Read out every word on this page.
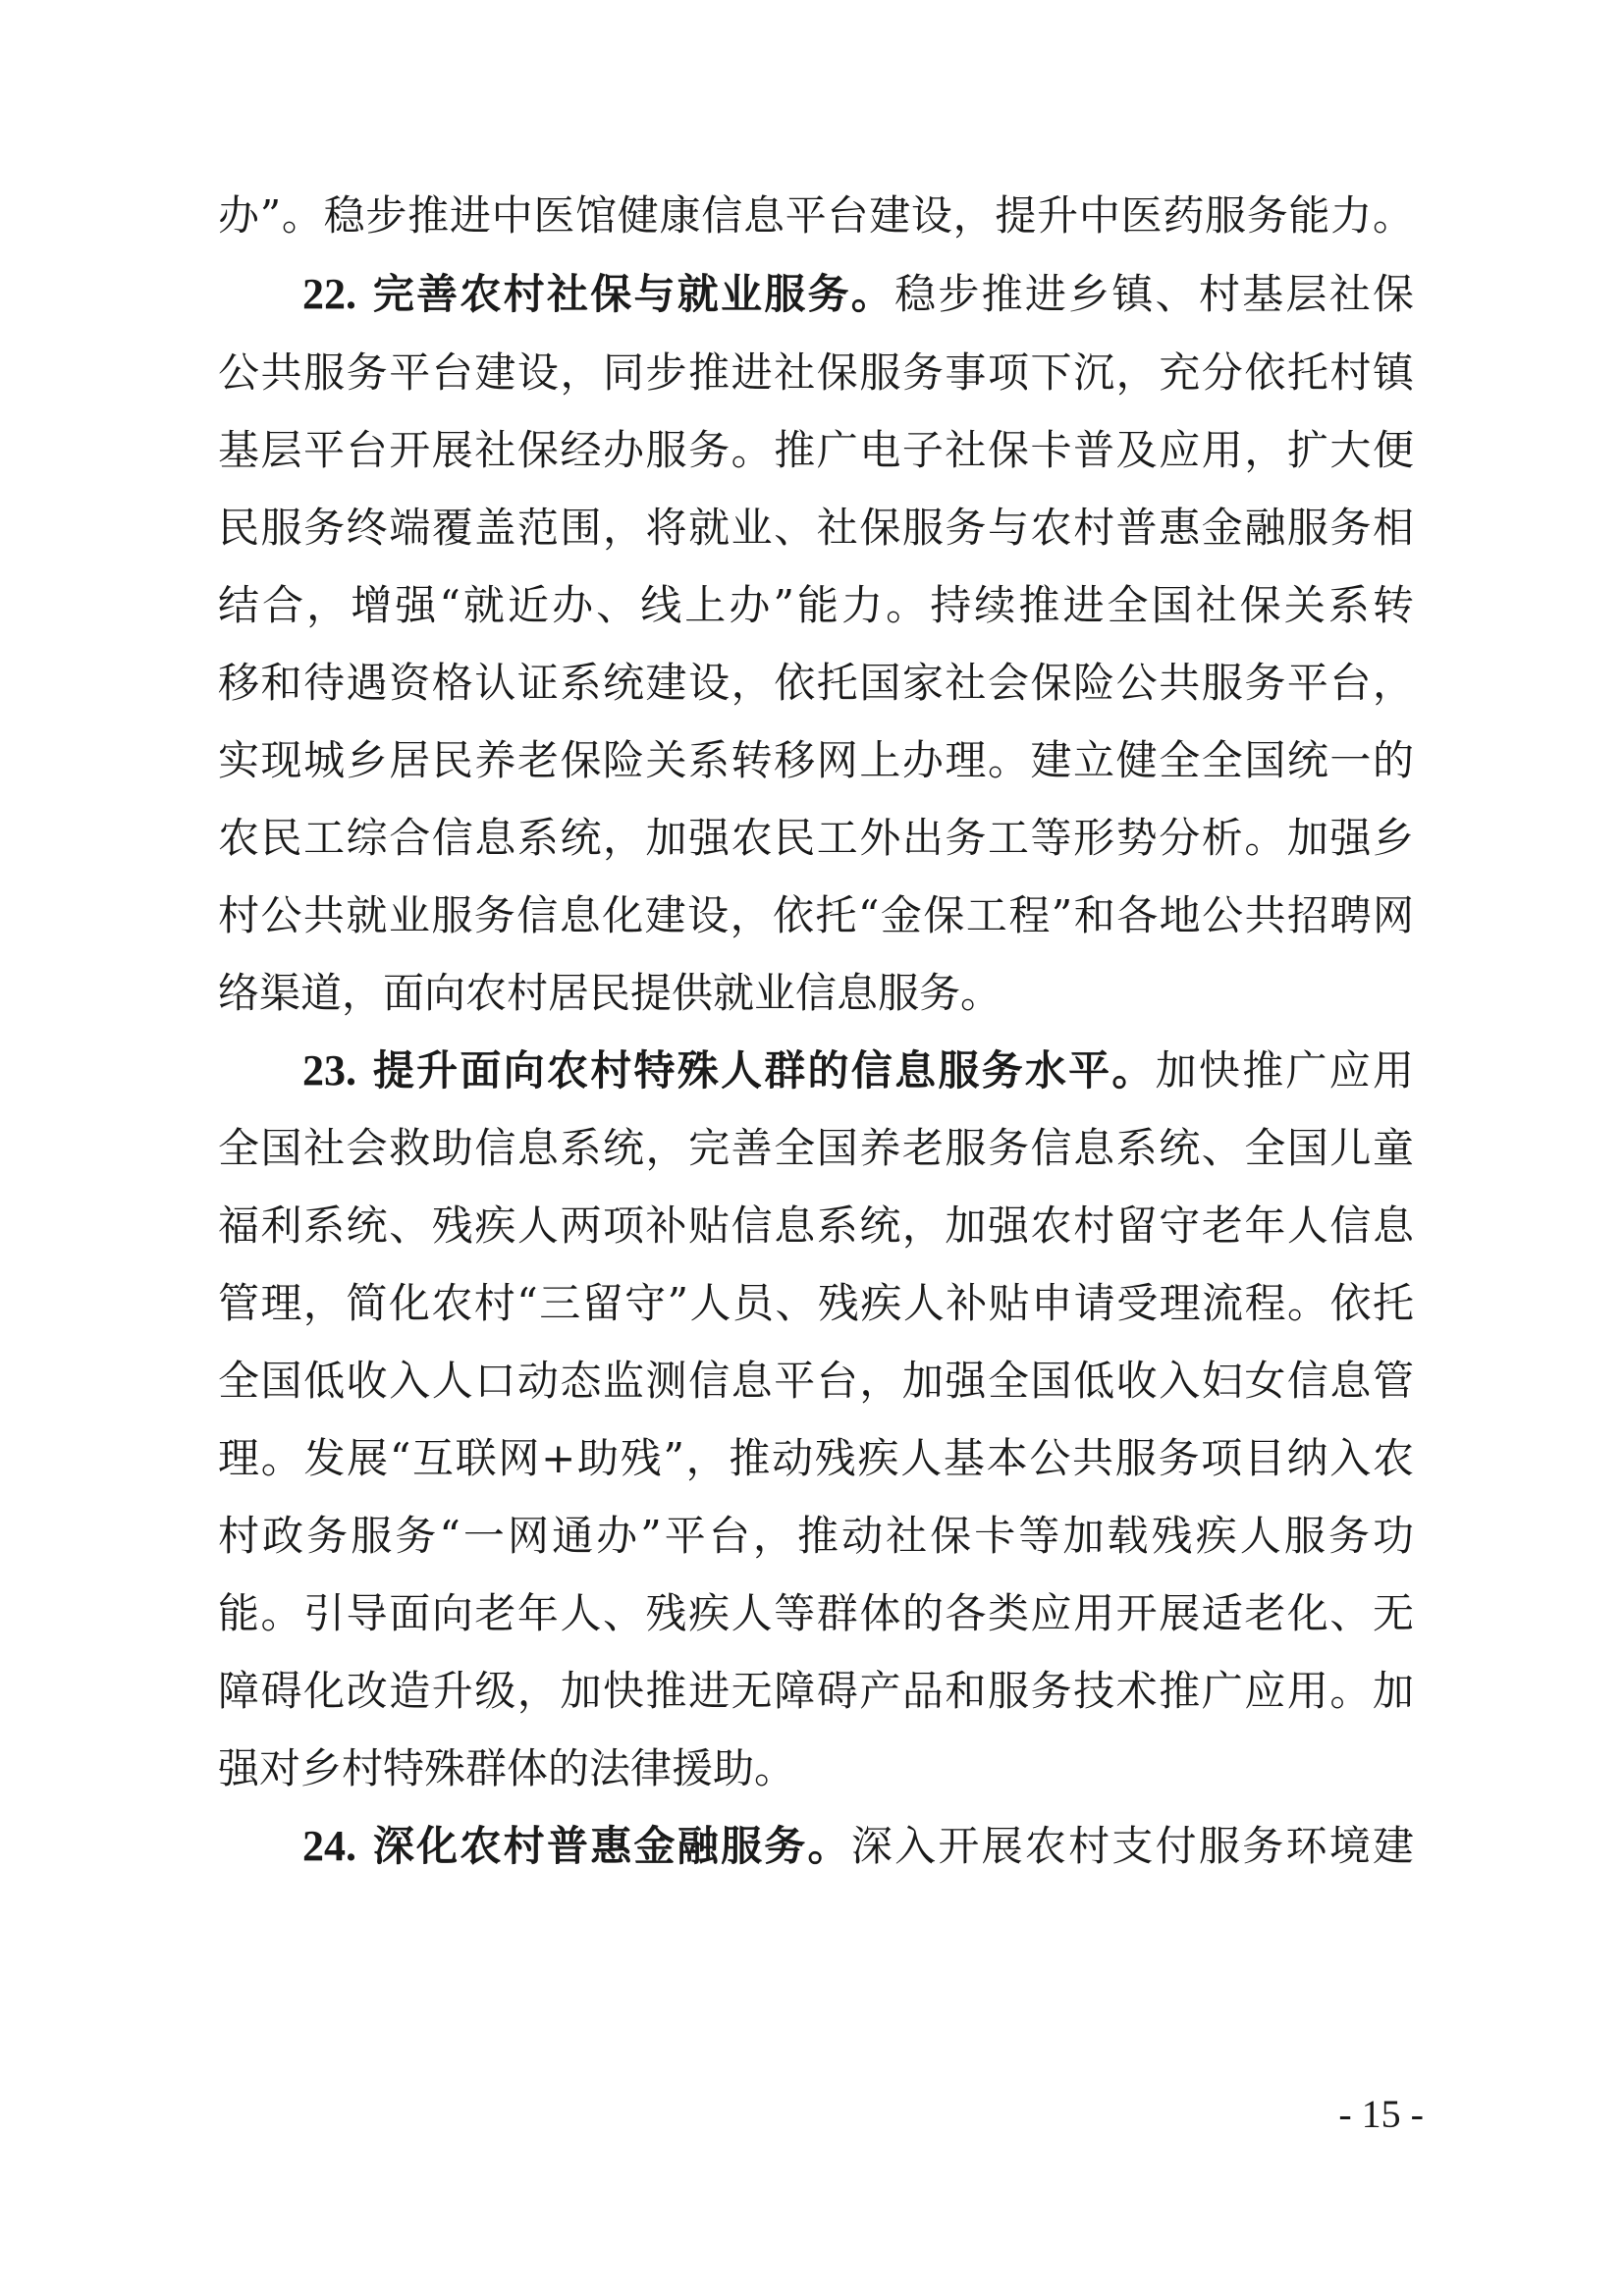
办”。稳步推进中医馆健康信息平台建设，提升中医药服务能力。
22. 完善农村社保与就业服务。稳步推进乡镇、村基层社保
公共服务平台建设，同步推进社保服务事项下沉，充分依托村镇
基层平台开展社保经办服务。推广电子社保卡普及应用，扩大便
民服务终端覆盖范围，将就业、社保服务与农村普惠金融服务相
结合，增强“就近办、线上办”能力。持续推进全国社保关系转
移和待遇资格认证系统建设，依托国家社会保险公共服务平台，
实现城乡居民养老保险关系转移网上办理。建立健全全国统一的
农民工综合信息系统，加强农民工外出务工等形势分析。加强乡
村公共就业服务信息化建设，依托“金保工程”和各地公共招聘网
络渠道，面向农村居民提供就业信息服务。
23. 提升面向农村特殊人群的信息服务水平。加快推广应用
全国社会救助信息系统，完善全国养老服务信息系统、全国儿童
福利系统、残疾人两项补贴信息系统，加强农村留守老年人信息
管理，简化农村“三留守”人员、残疾人补贴申请受理流程。依托
全国低收入人口动态监测信息平台，加强全国低收入妇女信息管
理。发展“互联网+助残”，推动残疾人基本公共服务项目纳入农
村政务服务“一网通办”平台，推动社保卡等加载残疾人服务功
能。引导面向老年人、残疾人等群体的各类应用开展适老化、无
障碍化改造升级，加快推进无障碍产品和服务技术推广应用。加
强对乡村特殊群体的法律援助。
24. 深化农村普惠金融服务。深入开展农村支付服务环境建
- 15 -
